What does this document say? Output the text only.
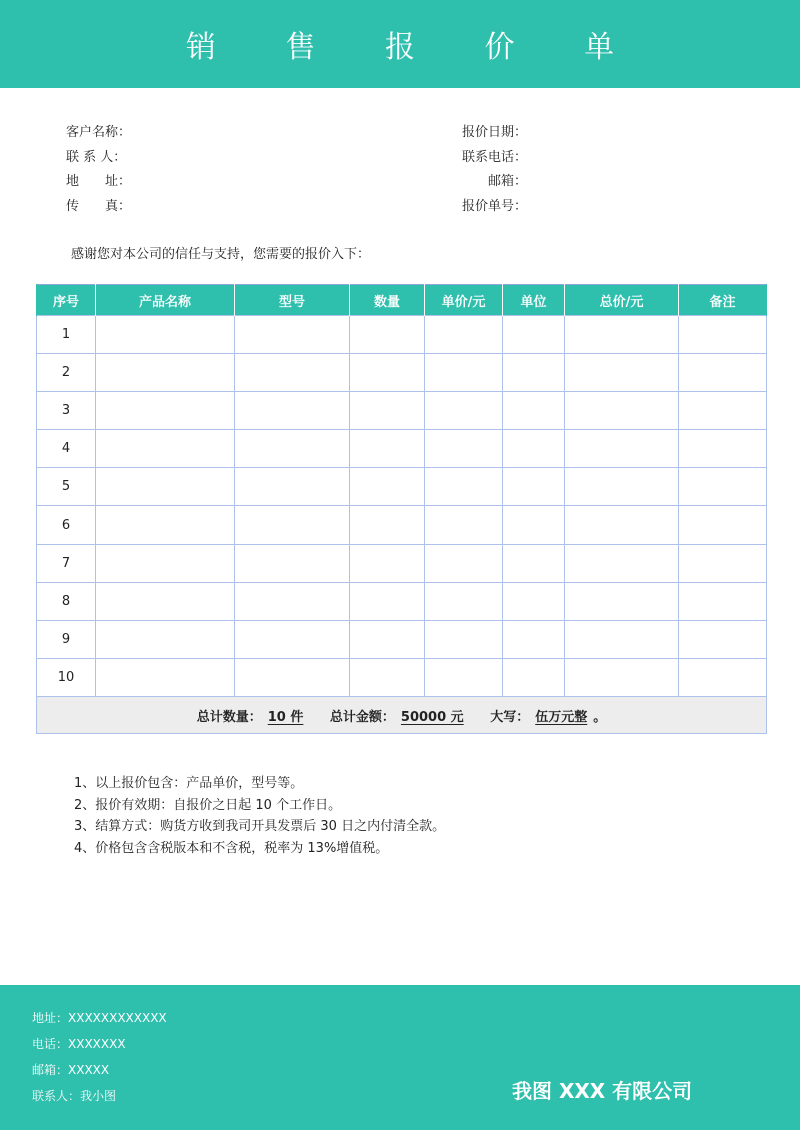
销 售 报 价 单
客户名称：
联 系 人：
地　　址：
传　　真：
报价日期：
联系电话：
　　邮箱：
报价单号：
感谢您对本公司的信任与支持，您需要的报价入下：
序号	产品名称	型号	数量	单价/元	单位	总价/元	备注
1							
2							
3							
4							
5							
6							
7							
8							
9							
10							
总计数量： 10 件 总计金额： 50000 元 大写： 伍万元整 。							
1、以上报价包含：产品单价，型号等。
2、报价有效期：自报价之日起 10 个工作日。
3、结算方式：购货方收到我司开具发票后 30 日之内付清全款。
4、价格包含含税版本和不含税，税率为 13%增值税。
地址：XXXXXXXXXXXX
电话：XXXXXXX
邮箱：XXXXX
联系人：我小图	我图 XXX 有限公司
